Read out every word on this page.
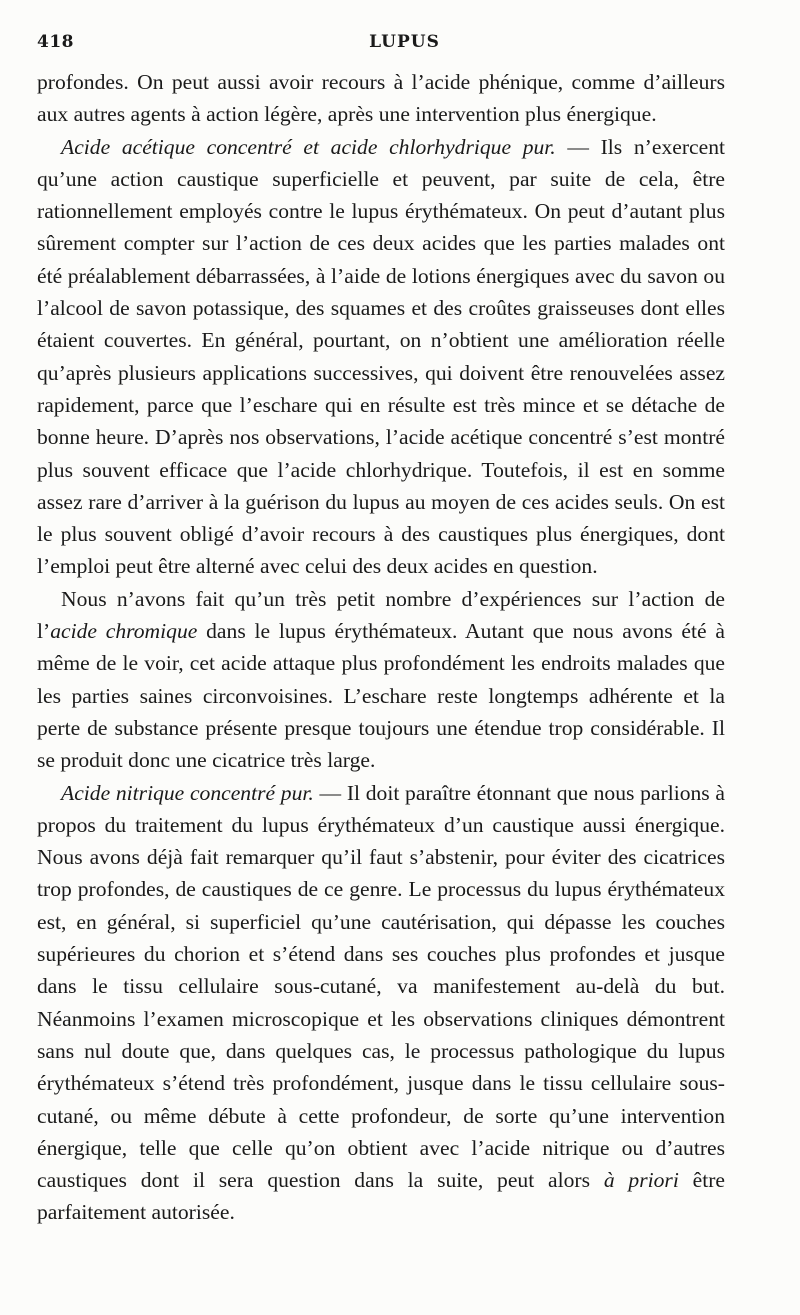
418	LUPUS

profondes. On peut aussi avoir recours à l’acide phénique, comme d’ailleurs aux autres agents à action légère, après une intervention plus énergique.

Acide acétique concentré et acide chlorhydrique pur. — Ils n’exercent qu’une action caustique superficielle et peuvent, par suite de cela, être rationnellement employés contre le lupus érythémateux. On peut d’autant plus sûrement compter sur l’action de ces deux acides que les parties malades ont été préalablement débarrassées, à l’aide de lotions énergiques avec du savon ou l’alcool de savon potassique, des squames et des croûtes graisseuses dont elles étaient couvertes. En général, pourtant, on n’obtient une amélioration réelle qu’après plusieurs applications successives, qui doivent être renouvelées assez rapidement, parce que l’eschare qui en résulte est très mince et se détache de bonne heure. D’après nos observations, l’acide acétique concentré s’est montré plus souvent efficace que l’acide chlorhydrique. Toutefois, il est en somme assez rare d’arriver à la guérison du lupus au moyen de ces acides seuls. On est le plus souvent obligé d’avoir recours à des caustiques plus énergiques, dont l’emploi peut être alterné avec celui des deux acides en question.

Nous n’avons fait qu’un très petit nombre d’expériences sur l’action de l’acide chromique dans le lupus érythémateux. Autant que nous avons été à même de le voir, cet acide attaque plus profondément les endroits malades que les parties saines circonvoisines. L’eschare reste longtemps adhérente et la perte de substance présente presque toujours une étendue trop considérable. Il se produit donc une cicatrice très large.

Acide nitrique concentré pur. — Il doit paraître étonnant que nous parlions à propos du traitement du lupus érythémateux d’un caustique aussi énergique. Nous avons déjà fait remarquer qu’il faut s’abstenir, pour éviter des cicatrices trop profondes, de caustiques de ce genre. Le processus du lupus érythémateux est, en général, si superficiel qu’une cautérisation, qui dépasse les couches supérieures du chorion et s’étend dans ses couches plus profondes et jusque dans le tissu cellulaire sous-cutané, va manifestement au-delà du but. Néanmoins l’examen microscopique et les observations cliniques démontrent sans nul doute que, dans quelques cas, le processus pathologique du lupus érythémateux s’étend très profondément, jusque dans le tissu cellulaire sous-cutané, ou même débute à cette profondeur, de sorte qu’une intervention énergique, telle que celle qu’on obtient avec l’acide nitrique ou d’autres caustiques dont il sera question dans la suite, peut alors à priori être parfaitement autorisée.
